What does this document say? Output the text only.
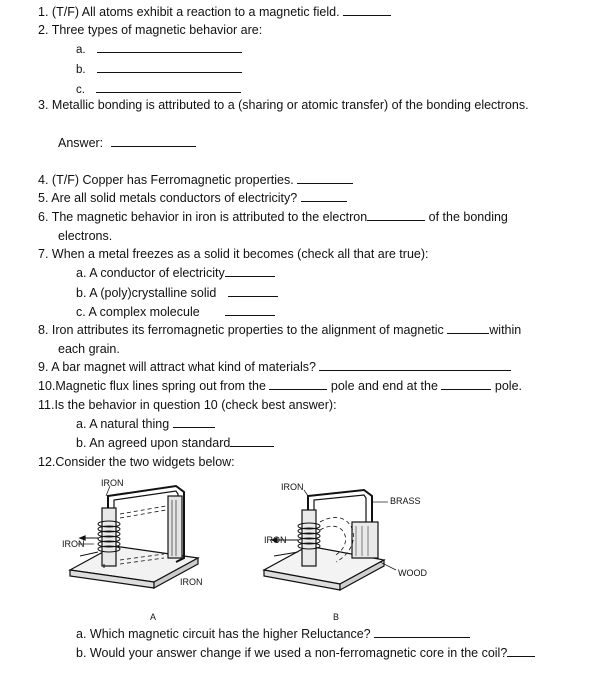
1. (T/F) All atoms exhibit a reaction to a magnetic field.
2. Three types of magnetic behavior are:
a.
b.
c.
3. Metallic bonding is attributed to a (sharing or atomic transfer) of the bonding electrons.
Answer:
4. (T/F) Copper has Ferromagnetic properties.
5. Are all solid metals conductors of electricity?
6. The magnetic behavior in iron is attributed to the electron	of the bonding
electrons.
7. When a metal freezes as a solid it becomes (check all that are true):
a. A conductor of electricity
b. A (poly)crystalline solid
c. A complex molecule
8. Iron attributes its ferromagnetic properties to the alignment of magnetic	within
each grain.
9. A bar magnet will attract what kind of materials?
10.Magnetic flux lines spring out from the	pole and end at the	pole.
11.Is the behavior in question 10 (check best answer):
a. A natural thing
b. An agreed upon standard
12.Consider the two widgets below:
IRON
IRON
IRON
A
IRON
IRON
BRASS
WOOD
B
a. Which magnetic circuit has the higher Reluctance?
b. Would your answer change if we used a non-ferromagnetic core in the coil?
